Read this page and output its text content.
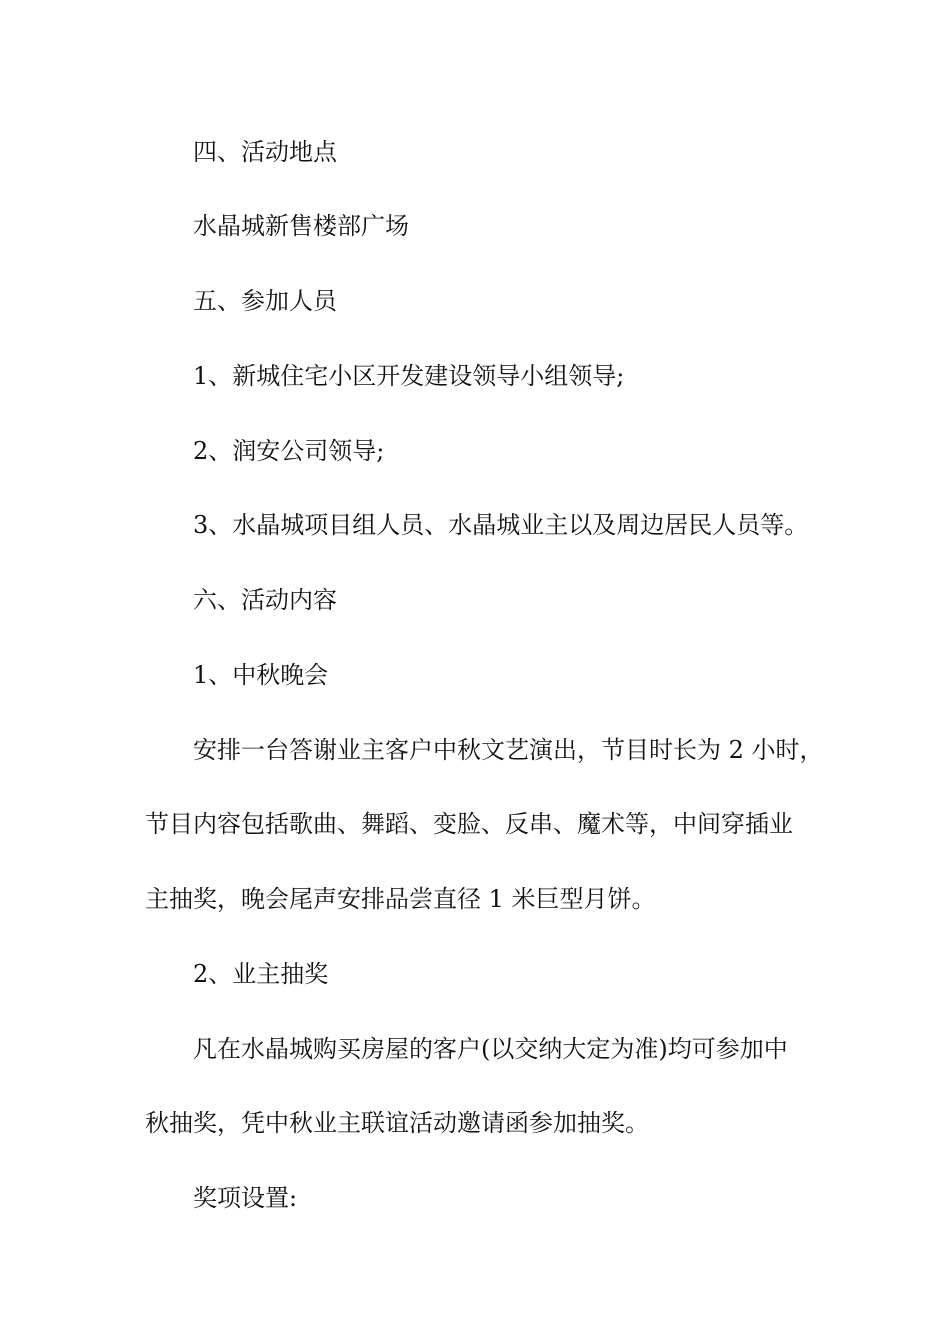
四、活动地点
水晶城新售楼部广场
五、参加人员
1、新城住宅小区开发建设领导小组领导;
2、润安公司领导;
3、水晶城项目组人员、水晶城业主以及周边居民人员等。
六、活动内容
1、中秋晚会
安排一台答谢业主客户中秋文艺演出，节目时长为 2 小时，
节目内容包括歌曲、舞蹈、变脸、反串、魔术等，中间穿插业
主抽奖，晚会尾声安排品尝直径 1 米巨型月饼。
2、业主抽奖
凡在水晶城购买房屋的客户(以交纳大定为准)均可参加中
秋抽奖，凭中秋业主联谊活动邀请函参加抽奖。
奖项设置:
